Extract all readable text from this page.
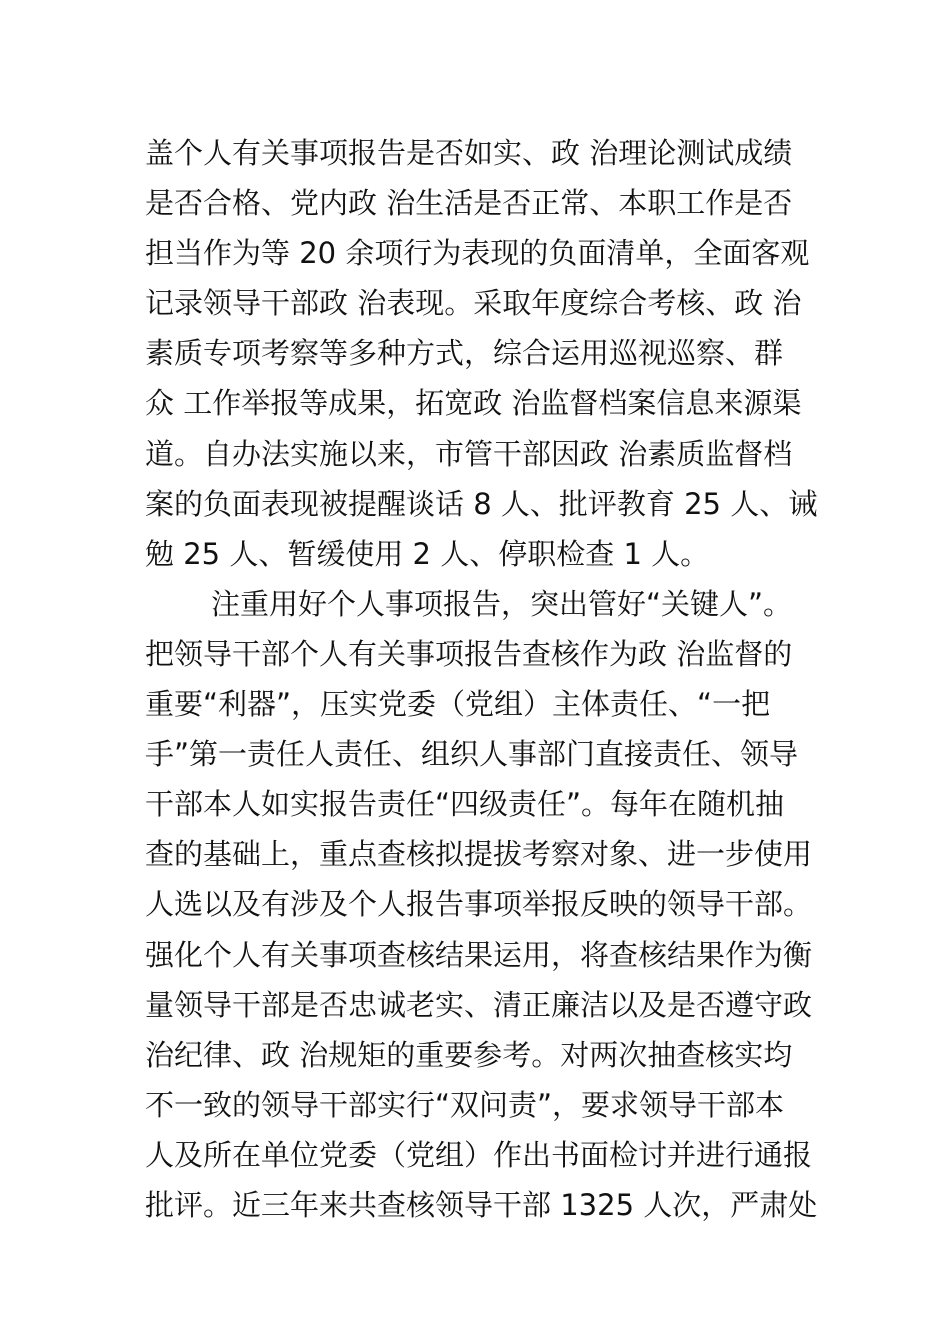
盖个人有关事项报告是否如实、政 治理论测试成绩
是否合格、党内政 治生活是否正常、本职工作是否
担当作为等 20 余项行为表现的负面清单，全面客观
记录领导干部政 治表现。采取年度综合考核、政 治
素质专项考察等多种方式，综合运用巡视巡察、群
众 工作举报等成果，拓宽政 治监督档案信息来源渠
道。自办法实施以来，市管干部因政 治素质监督档
案的负面表现被提醒谈话 8 人、批评教育 25 人、诫
勉 25 人、暂缓使用 2 人、停职检查 1 人。
注重用好个人事项报告，突出管好“关键人”。
把领导干部个人有关事项报告查核作为政 治监督的
重要“利器”，压实党委（党组）主体责任、“一把
手”第一责任人责任、组织人事部门直接责任、领导
干部本人如实报告责任“四级责任”。每年在随机抽
查的基础上，重点查核拟提拔考察对象、进一步使用
人选以及有涉及个人报告事项举报反映的领导干部。
强化个人有关事项查核结果运用，将查核结果作为衡
量领导干部是否忠诚老实、清正廉洁以及是否遵守政
治纪律、政 治规矩的重要参考。对两次抽查核实均
不一致的领导干部实行“双问责”，要求领导干部本
人及所在单位党委（党组）作出书面检讨并进行通报
批评。近三年来共查核领导干部 1325 人次，严肃处
